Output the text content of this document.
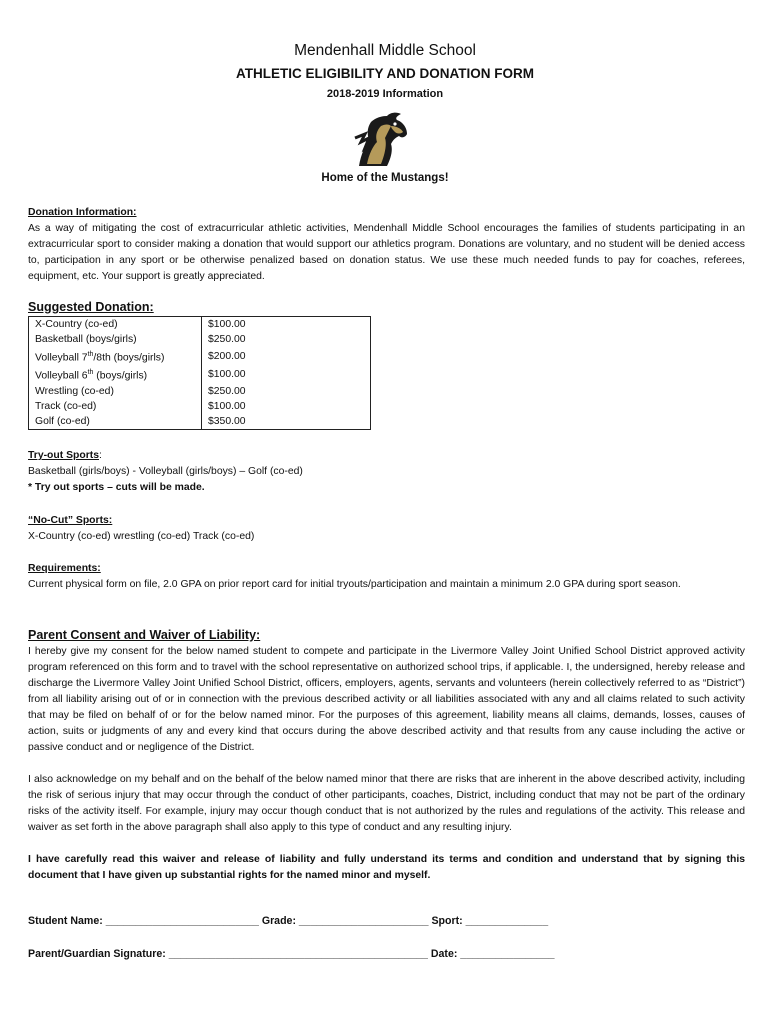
Mendenhall Middle School
ATHLETIC ELIGIBILITY AND DONATION FORM
2018-2019 Information
Home of the Mustangs!
Donation Information:
As a way of mitigating the cost of extracurricular athletic activities, Mendenhall Middle School encourages the families of students participating in an extracurricular sport to consider making a donation that would support our athletics program. Donations are voluntary, and no student will be denied access to, participation in any sport or be otherwise penalized based on donation status. We use these much needed funds to pay for coaches, referees, equipment, etc. Your support is greatly appreciated.
Suggested Donation:
X-Country (co-ed)	$100.00
Basketball (boys/girls)	$250.00
Volleyball 7th/8th (boys/girls)	$200.00
Volleyball 6th (boys/girls)	$100.00
Wrestling (co-ed)	$250.00
Track (co-ed)	$100.00
Golf (co-ed)	$350.00
Try-out Sports:
Basketball (girls/boys) - Volleyball (girls/boys) – Golf (co-ed)
* Try out sports – cuts will be made.
“No-Cut” Sports:
X-Country (co-ed) wrestling (co-ed) Track (co-ed)
Requirements:
Current physical form on file, 2.0 GPA on prior report card for initial tryouts/participation and maintain a minimum 2.0 GPA during sport season.
Parent Consent and Waiver of Liability:
I hereby give my consent for the below named student to compete and participate in the Livermore Valley Joint Unified School District approved activity program referenced on this form and to travel with the school representative on authorized school trips, if applicable. I, the undersigned, hereby release and discharge the Livermore Valley Joint Unified School District, officers, employers, agents, servants and volunteers (herein collectively referred to as “District”) from all liability arising out of or in connection with the previous described activity or all liabilities associated with any and all claims related to such activity that may be filed on behalf of or for the below named minor. For the purposes of this agreement, liability means all claims, demands, losses, causes of action, suits or judgments of any and every kind that occurs during the above described activity and that results from any cause including the active or passive conduct and or negligence of the District.
I also acknowledge on my behalf and on the behalf of the below named minor that there are risks that are inherent in the above described activity, including the risk of serious injury that may occur through the conduct of other participants, coaches, District, including conduct that may not be part of the ordinary risks of the activity itself. For example, injury may occur though conduct that is not authorized by the rules and regulations of the activity. This release and waiver as set forth in the above paragraph shall also apply to this type of conduct and any resulting injury.
I have carefully read this waiver and release of liability and fully understand its terms and condition and understand that by signing this document that I have given up substantial rights for the named minor and myself.
Student Name: __________________________ Grade: ______________________ Sport: ______________
Parent/Guardian Signature: ____________________________________________ Date: ________________
